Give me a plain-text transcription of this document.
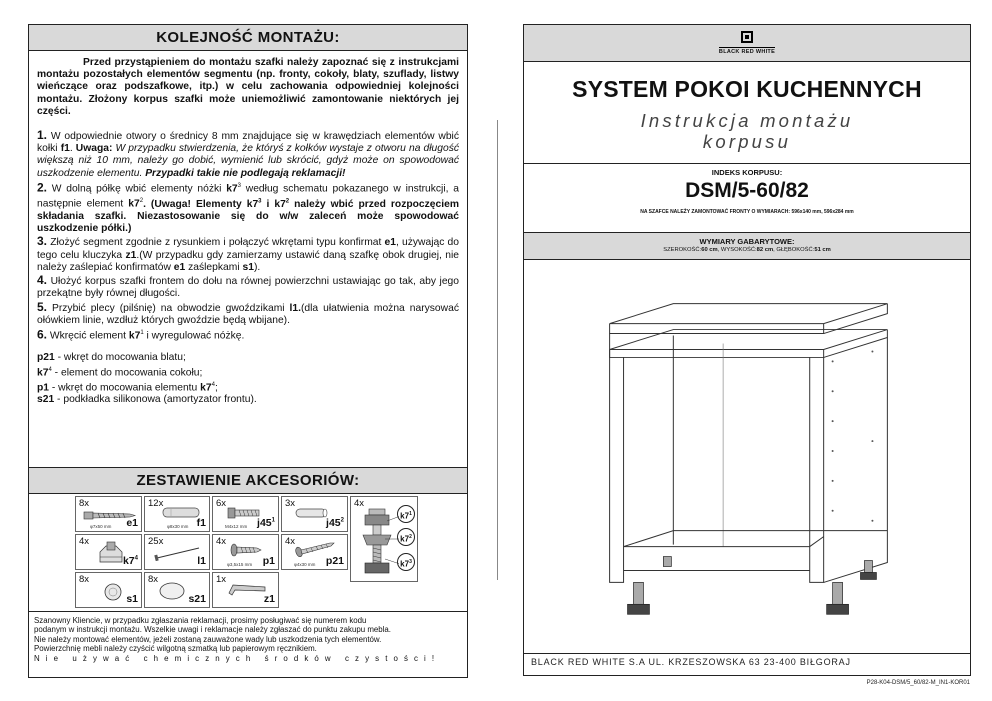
KOLEJNOŚĆ MONTAŻU:

Przed przystąpieniem do montażu szafki należy zapoznać się z instrukcjami montażu pozostałych elementów segmentu (np. fronty, cokoły, blaty, szuflady, listwy wieńczące oraz podszafkowe, itp.) w celu zachowania odpowiedniej kolejności montażu. Złożony korpus szafki może uniemożliwić zamontowanie niektórych jej części.

1. W odpowiednie otwory o średnicy 8 mm znajdujące się w krawędziach elementów wbić kołki f1. Uwaga: W przypadku stwierdzenia, że któryś z kołków wystaje z otworu na długość większą niż 10 mm, należy go dobić, wymienić lub skrócić, gdyż może on spowodować uszkodzenie elementu. Przypadki takie nie podlegają reklamacji!

2. W dolną półkę wbić elementy nóżki $k7^3$ według schematu pokazanego w instrukcji, a następnie element $k7^2$. (Uwaga! Elementy $k7^3$ i $k7^2$ należy wbić przed rozpoczęciem składania szafki. Niezastosowanie się do w/w zaleceń może spowodować uszkodzenie półki.)

3. Złożyć segment zgodnie z rysunkiem i połączyć wkrętami typu konfirmat e1, używając do tego celu kluczyka z1.(W przypadku gdy zamierzamy ustawić daną szafkę obok drugiej, nie należy zaślepiać konfirmatów e1 zaślepkami s1).

4. Ułożyć korpus szafki frontem do dołu na równej powierzchni ustawiając go tak, aby jego przekątne były równej długości.

5. Przybić plecy (pilśnię) na obwodzie gwoździkami l1.(dla ułatwienia można narysować ołówkiem linie, wzdłuż których gwoździe będą wbijane).

6. Wkręcić element $k7^1$ i wyregulować nóżkę.

p21 - wkręt do mocowania blatu;
$k7^4$ - element do mocowania cokołu;
p1 - wkręt do mocowania elementu $k7^4$;
s21 - podkładka silikonowa (amortyzator frontu).
ZESTAWIENIE AKCESORIÓW:
8x
φ7x50 mm e1
12x
φ8x30 mm f1
6x
M4x12 mm $j45^1$
3x
$j45^2$
4x
$k7^1$
$k7^2$
$k7^3$
4x
$k7^4$
25x
l1
4x
φ3,5x15 mm p1
4x
φ4x30 mm p21
8x
s1
8x
s21
1x
z1
Szanowny Kliencie, w przypadku zgłaszania reklamacji, prosimy posługiwać się numerem kodu
podanym w instrukcji montażu. Wszelkie uwagi i reklamacje należy zgłaszać do punktu zakupu mebla.
Nie należy montować elementów, jeżeli zostaną zauważone wady lub uszkodzenia tych elementów.
Powierzchnię mebli należy czyścić wilgotną szmatką lub papierowym ręcznikiem.
Nie używać chemicznych środków czystości!
BLACK RED WHITE
SYSTEM POKOI KUCHENNYCH
Instrukcja montażu
korpusu
INDEKS KORPUSU:
DSM/5-60/82
NA SZAFCE NALEŻY ZAMONTOWAĆ FRONTY O WYMIARACH: 596x140 mm, 596x284 mm
WYMIARY GABARYTOWE:
SZEROKOŚĆ:60 cm, WYSOKOŚĆ:82 cm, GŁĘBOKOŚĆ:51 cm
BLACK RED WHITE S.A UL. KRZESZOWSKA 63 23-400 BIŁGORAJ
P28-K04-DSM/5_60/82-M_IN1-KOR01
